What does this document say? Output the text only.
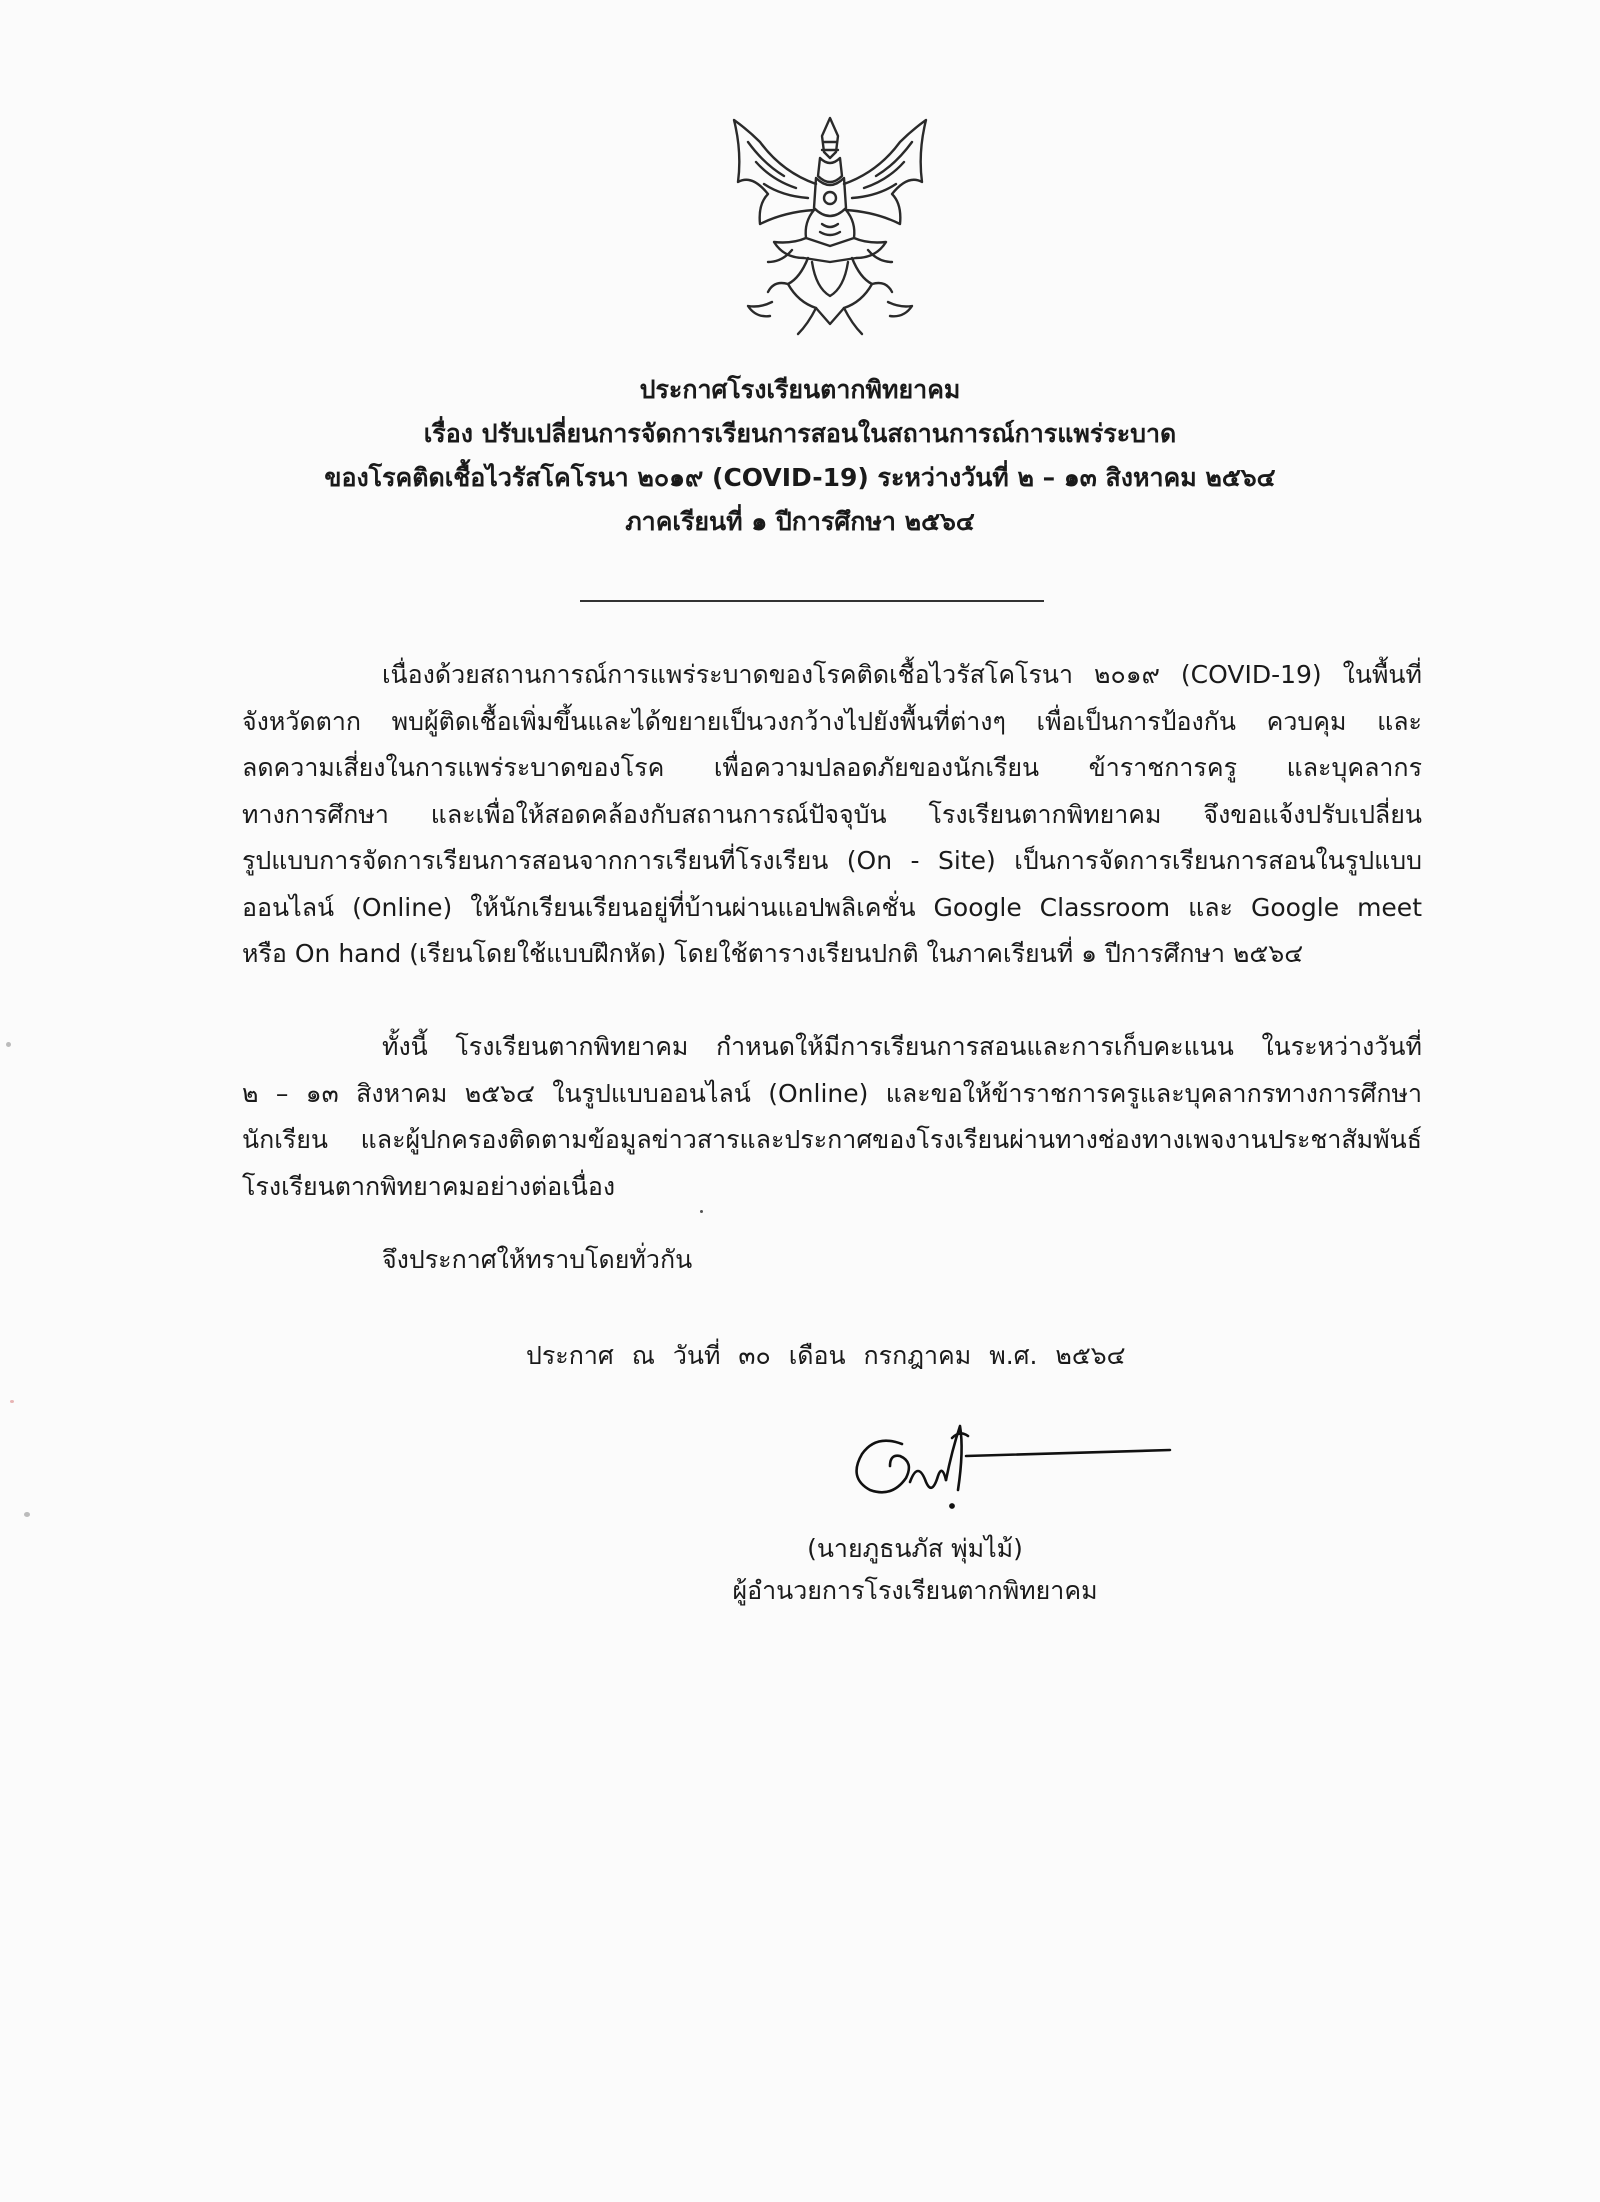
ประกาศโรงเรียนตากพิทยาคม
เรื่อง ปรับเปลี่ยนการจัดการเรียนการสอนในสถานการณ์การแพร่ระบาด
ของโรคติดเชื้อไวรัสโคโรนา ๒๐๑๙ (COVID-19) ระหว่างวันที่ ๒ – ๑๓ สิงหาคม ๒๕๖๔
ภาคเรียนที่ ๑ ปีการศึกษา ๒๕๖๔
เนื่องด้วยสถานการณ์การแพร่ระบาดของโรคติดเชื้อไวรัสโคโรนา ๒๐๑๙ (COVID-19) ในพื้นที่
จังหวัดตาก พบผู้ติดเชื้อเพิ่มขึ้นและได้ขยายเป็นวงกว้างไปยังพื้นที่ต่างๆ เพื่อเป็นการป้องกัน ควบคุม และ
ลดความเสี่ยงในการแพร่ระบาดของโรค เพื่อความปลอดภัยของนักเรียน ข้าราชการครู และบุคลากร
ทางการศึกษา และเพื่อให้สอดคล้องกับสถานการณ์ปัจจุบัน โรงเรียนตากพิทยาคม จึงขอแจ้งปรับเปลี่ยน
รูปแบบการจัดการเรียนการสอนจากการเรียนที่โรงเรียน (On - Site) เป็นการจัดการเรียนการสอนในรูปแบบ
ออนไลน์ (Online) ให้นักเรียนเรียนอยู่ที่บ้านผ่านแอปพลิเคชั่น Google Classroom และ Google meet
หรือ On hand (เรียนโดยใช้แบบฝึกหัด) โดยใช้ตารางเรียนปกติ ในภาคเรียนที่ ๑ ปีการศึกษา ๒๕๖๔
ทั้งนี้ โรงเรียนตากพิทยาคม กำหนดให้มีการเรียนการสอนและการเก็บคะแนน ในระหว่างวันที่
๒ – ๑๓ สิงหาคม ๒๕๖๔ ในรูปแบบออนไลน์ (Online) และขอให้ข้าราชการครูและบุคลากรทางการศึกษา
นักเรียน และผู้ปกครองติดตามข้อมูลข่าวสารและประกาศของโรงเรียนผ่านทางช่องทางเพจงานประชาสัมพันธ์
โรงเรียนตากพิทยาคมอย่างต่อเนื่อง
จึงประกาศให้ทราบโดยทั่วกัน
ประกาศ ณ วันที่ ๓๐ เดือน กรกฎาคม พ.ศ. ๒๕๖๔
(นายภูธนภัส พุ่มไม้)
ผู้อำนวยการโรงเรียนตากพิทยาคม
